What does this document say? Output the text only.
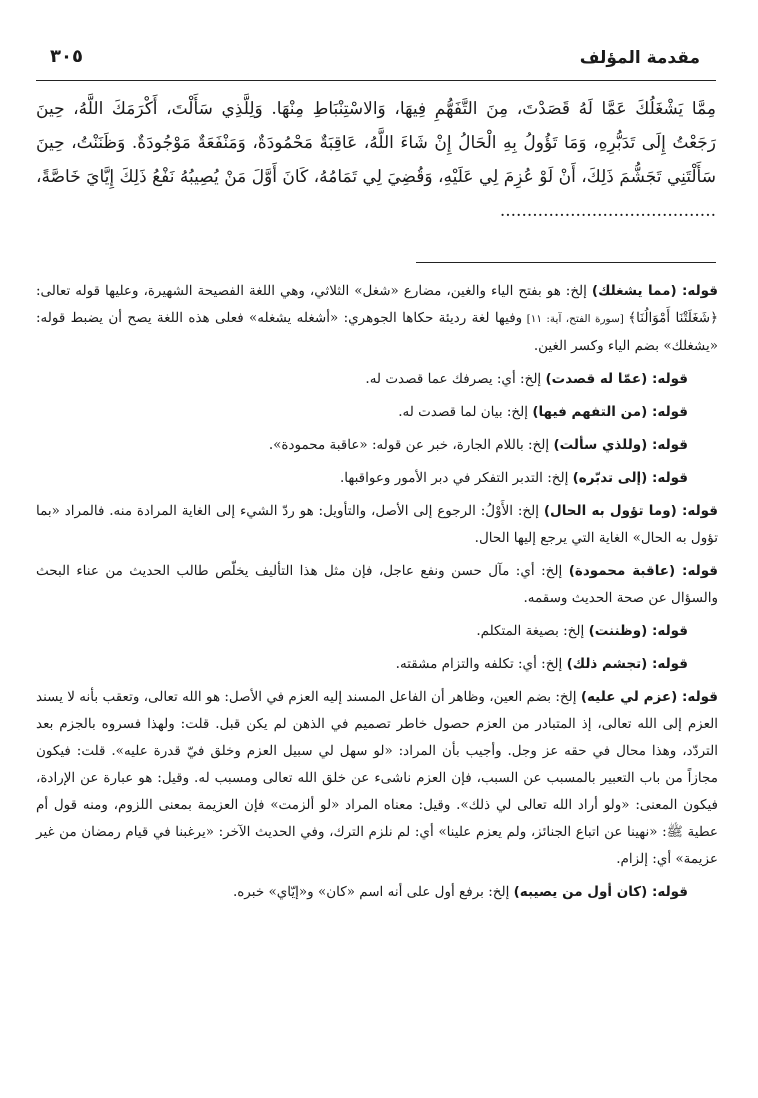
مقدمة المؤلف
٣٠٥
مِمَّا يَشْغَلُكَ عَمَّا لَهُ قَصَدْتَ، مِنَ التَّفَهُّمِ فِيهَا، وَالاسْتِنْبَاطِ مِنْهَا. وَلِلَّذِي سَأَلْتَ، أَكْرَمَكَ اللَّهُ، حِينَ رَجَعْتُ إِلَى تَدَبُّرِهِ، وَمَا تَؤُولُ بِهِ الْحَالُ إِنْ شَاءَ اللَّهُ، عَاقِبَةٌ مَحْمُودَةٌ، وَمَنْفَعَةٌ مَوْجُودَةٌ. وَظَنَنْتُ، حِينَ سَأَلْتَنِي تَجَشُّمَ ذَلِكَ، أَنْ لَوْ عُزِمَ لِي عَلَيْهِ، وَقُضِيَ لِي تَمَامُهُ، كَانَ أَوَّلَ مَنْ يُصِيبُهُ نَفْعُ ذَلِكَ إِيَّايَ خَاصَّةً، ........................................

قوله: (مما يشغلك) إلخ: هو بفتح الياء والغين، مضارع «شغل» الثلاثي، وهي اللغة الفصيحة الشهيرة، وعليها قوله تعالى: ﴿شَغَلَتْنَا أَمْوَالُنَا﴾ [سورة الفتح، آية: ١١] وفيها لغة رديئة حكاها الجوهري: «أشغله يشغله» فعلى هذه اللغة يصح أن يضبط قوله: «يشغلك» بضم الياء وكسر الغين.

قوله: (عمّا له قصدت) إلخ: أي: يصرفك عما قصدت له.

قوله: (من التفهم فيها) إلخ: بيان لما قصدت له.

قوله: (وللذي سألت) إلخ: باللام الجارة، خبر عن قوله: «عاقبة محمودة».

قوله: (إلى تدبّره) إلخ: التدبر التفكر في دبر الأمور وعواقبها.

قوله: (وما تؤول به الحال) إلخ: الأَوْلُ: الرجوع إلى الأصل، والتأويل: هو ردّ الشيء إلى الغاية المرادة منه. فالمراد «بما تؤول به الحال» الغاية التي يرجع إليها الحال.

قوله: (عاقبة محمودة) إلخ: أي: مآل حسن ونفع عاجل، فإن مثل هذا التأليف يخلّص طالب الحديث من عناء البحث والسؤال عن صحة الحديث وسقمه.

قوله: (وظننت) إلخ: بصيغة المتكلم.

قوله: (تجشم ذلك) إلخ: أي: تكلفه والتزام مشقته.

قوله: (عزم لي عليه) إلخ: بضم العين، وظاهر أن الفاعل المسند إليه العزم في الأصل: هو الله تعالى، وتعقب بأنه لا يسند العزم إلى الله تعالى، إذ المتبادر من العزم حصول خاطر تصميم في الذهن لم يكن قبل. قلت: ولهذا فسروه بالجزم بعد التردّد، وهذا محال في حقه عز وجل. وأجيب بأن المراد: «لو سهل لي سبيل العزم وخلق فيّ قدرة عليه». قلت: فيكون مجازاً من باب التعبير بالمسبب عن السبب، فإن العزم ناشىء عن خلق الله تعالى ومسبب له. وقيل: هو عبارة عن الإرادة، فيكون المعنى: «ولو أراد الله تعالى لي ذلك». وقيل: معناه المراد «لو ألزمت» فإن العزيمة بمعنى اللزوم، ومنه قول أم عطية ﷺ: «نهينا عن اتباع الجنائز، ولم يعزم علينا» أي: لم نلزم الترك، وفي الحديث الآخر: «يرغبنا في قيام رمضان من غير عزيمة» أي: إلزام.

قوله: (كان أول من يصيبه) إلخ: برفع أول على أنه اسم «كان» و«إيّاي» خبره.
